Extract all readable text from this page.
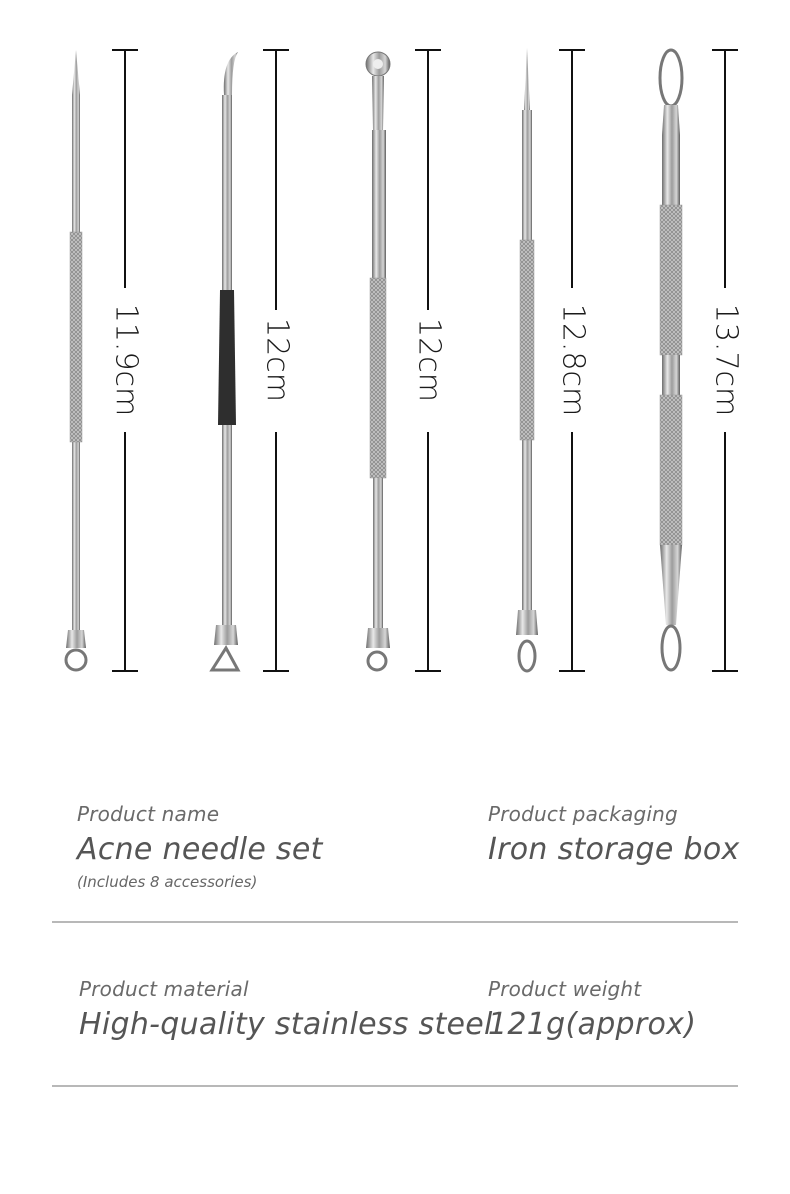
11.9cm	12cm	12cm	12.8cm	13.7cm
Product name
Acne needle set
(Includes 8 accessories)
Product packaging
Iron storage box
Product material
High-quality stainless steel
Product weight
121g(approx)
